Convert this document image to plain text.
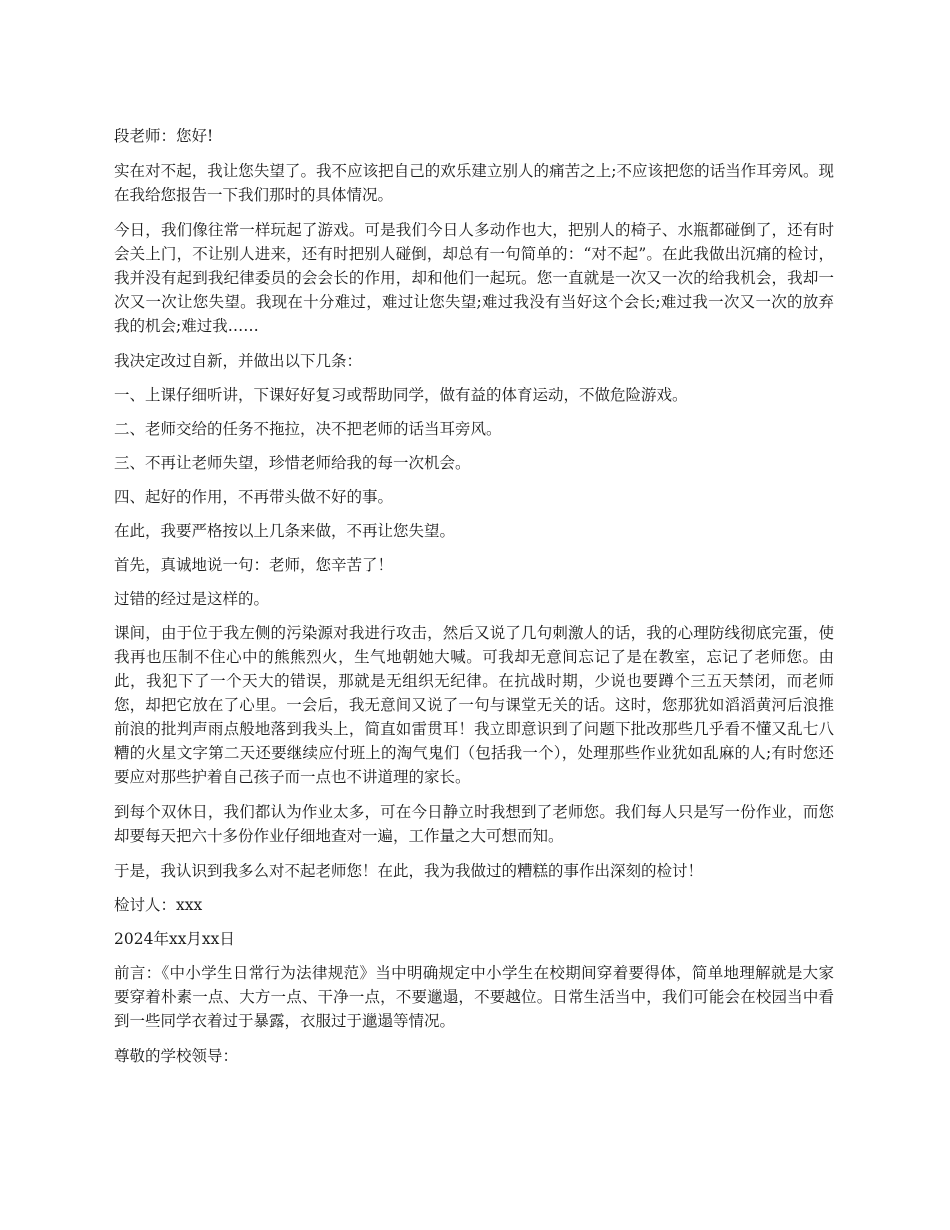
段老师：您好!

实在对不起，我让您失望了。我不应该把自己的欢乐建立别人的痛苦之上;不应该把您的话当作耳旁风。现在我给您报告一下我们那时的具体情况。

今日，我们像往常一样玩起了游戏。可是我们今日人多动作也大，把别人的椅子、水瓶都碰倒了，还有时会关上门，不让别人进来，还有时把别人碰倒，却总有一句简单的：“对不起”。在此我做出沉痛的检讨，我并没有起到我纪律委员的会会长的作用，却和他们一起玩。您一直就是一次又一次的给我机会，我却一次又一次让您失望。我现在十分难过，难过让您失望;难过我没有当好这个会长;难过我一次又一次的放弃我的机会;难过我……

我决定改过自新，并做出以下几条：

一、上课仔细听讲，下课好好复习或帮助同学，做有益的体育运动，不做危险游戏。

二、老师交给的任务不拖拉，决不把老师的话当耳旁风。

三、不再让老师失望，珍惜老师给我的每一次机会。

四、起好的作用，不再带头做不好的事。

在此，我要严格按以上几条来做，不再让您失望。

首先，真诚地说一句：老师，您辛苦了！

过错的经过是这样的。

课间，由于位于我左侧的污染源对我进行攻击，然后又说了几句刺激人的话，我的心理防线彻底完蛋，使我再也压制不住心中的熊熊烈火，生气地朝她大喊。可我却无意间忘记了是在教室，忘记了老师您。由此，我犯下了一个天大的错误，那就是无组织无纪律。在抗战时期，少说也要蹲个三五天禁闭，而老师您，却把它放在了心里。一会后，我无意间又说了一句与课堂无关的话。这时，您那犹如滔滔黄河后浪推前浪的批判声雨点般地落到我头上，简直如雷贯耳！我立即意识到了问题下批改那些几乎看不懂又乱七八糟的火星文字第二天还要继续应付班上的淘气鬼们（包括我一个），处理那些作业犹如乱麻的人;有时您还要应对那些护着自己孩子而一点也不讲道理的家长。

到每个双休日，我们都认为作业太多，可在今日静立时我想到了老师您。我们每人只是写一份作业，而您却要每天把六十多份作业仔细地查对一遍，工作量之大可想而知。

于是，我认识到我多么对不起老师您！在此，我为我做过的糟糕的事作出深刻的检讨！

检讨人：xxx

2024年xx月xx日

前言：《中小学生日常行为法律规范》当中明确规定中小学生在校期间穿着要得体，简单地理解就是大家要穿着朴素一点、大方一点、干净一点，不要邋遢，不要越位。日常生活当中，我们可能会在校园当中看到一些同学衣着过于暴露，衣服过于邋遢等情况。

尊敬的学校领导：
